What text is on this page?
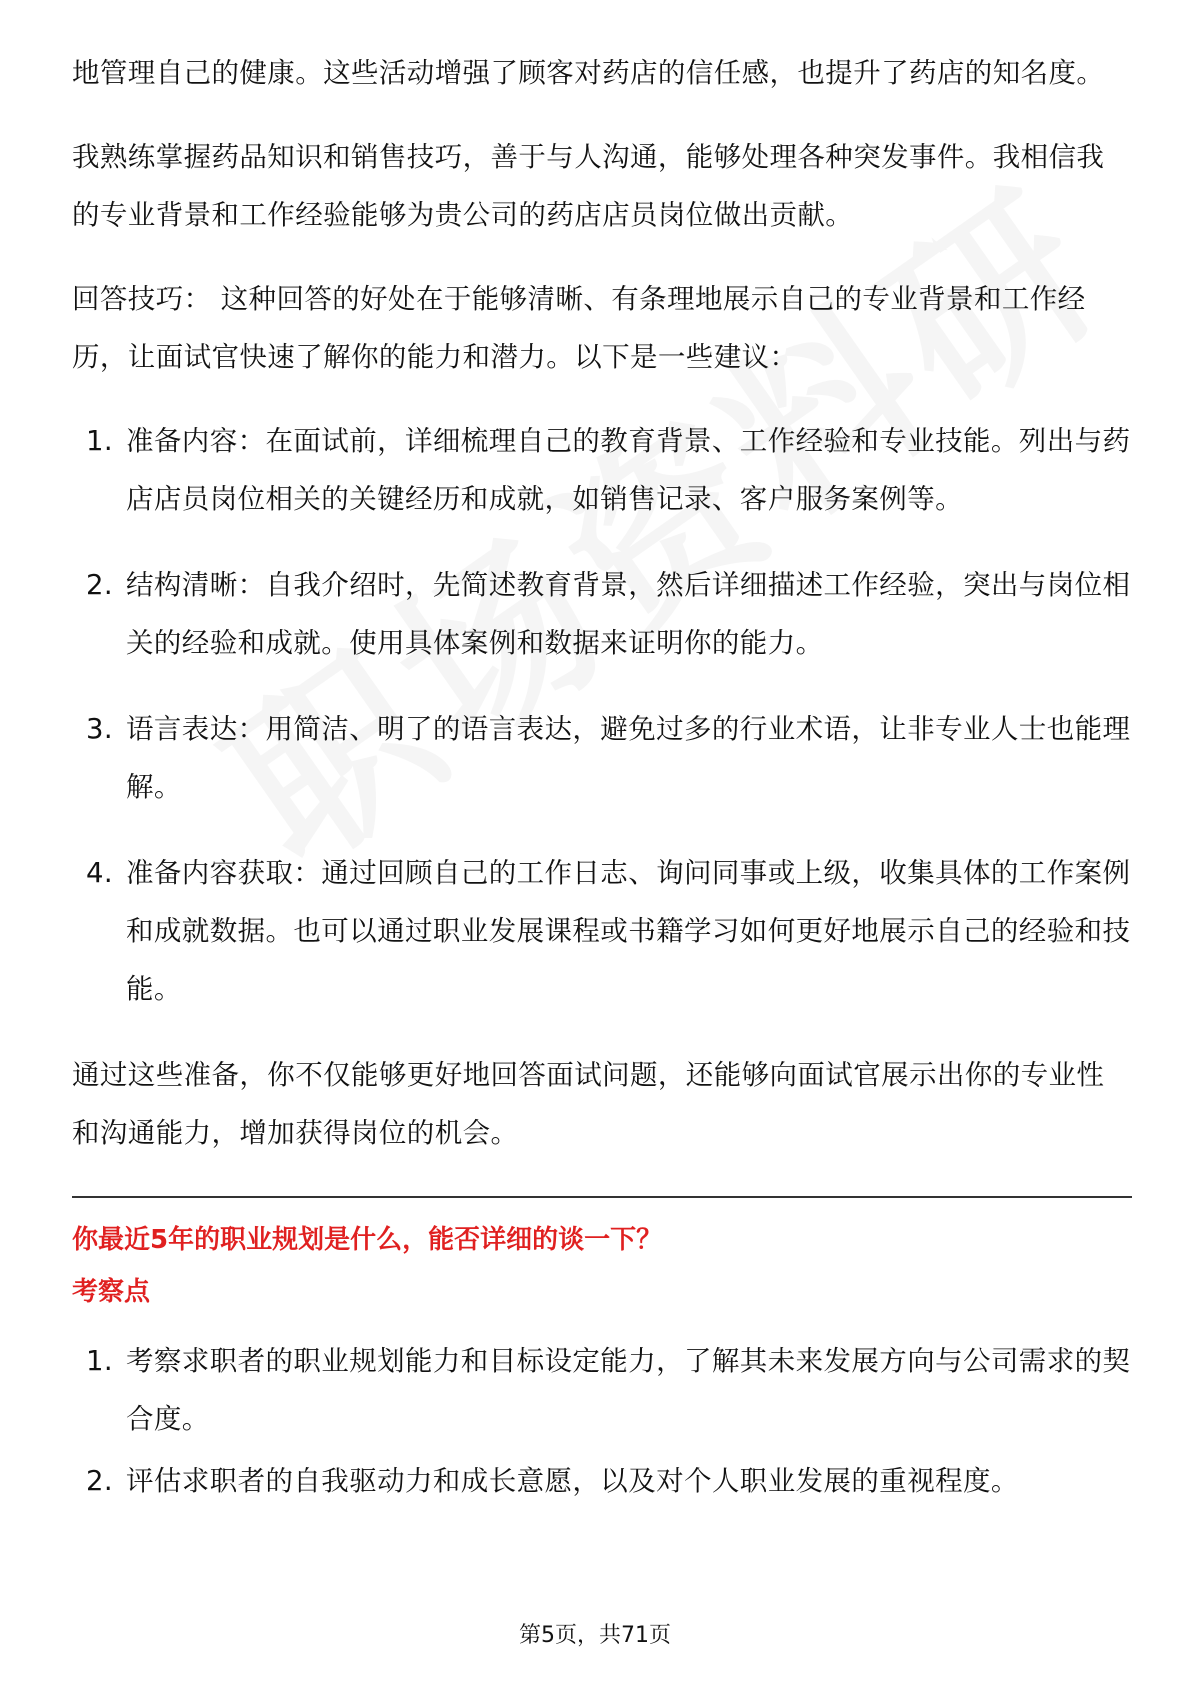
地管理自己的健康。这些活动增强了顾客对药店的信任感，也提升了药店的知名度。

我熟练掌握药品知识和销售技巧，善于与人沟通，能够处理各种突发事件。我相信我的专业背景和工作经验能够为贵公司的药店店员岗位做出贡献。

回答技巧： 这种回答的好处在于能够清晰、有条理地展示自己的专业背景和工作经历，让面试官快速了解你的能力和潜力。以下是一些建议：

1. 准备内容：在面试前，详细梳理自己的教育背景、工作经验和专业技能。列出与药店店员岗位相关的关键经历和成就，如销售记录、客户服务案例等。
2. 结构清晰：自我介绍时，先简述教育背景，然后详细描述工作经验，突出与岗位相关的经验和成就。使用具体案例和数据来证明你的能力。
3. 语言表达：用简洁、明了的语言表达，避免过多的行业术语，让非专业人士也能理解。
4. 准备内容获取：通过回顾自己的工作日志、询问同事或上级，收集具体的工作案例和成就数据。也可以通过职业发展课程或书籍学习如何更好地展示自己的经验和技能。

通过这些准备，你不仅能够更好地回答面试问题，还能够向面试官展示出你的专业性和沟通能力，增加获得岗位的机会。

你最近5年的职业规划是什么，能否详细的谈一下？
考察点
1. 考察求职者的职业规划能力和目标设定能力，了解其未来发展方向与公司需求的契合度。
2. 评估求职者的自我驱动力和成长意愿，以及对个人职业发展的重视程度。
第5页，共71页
